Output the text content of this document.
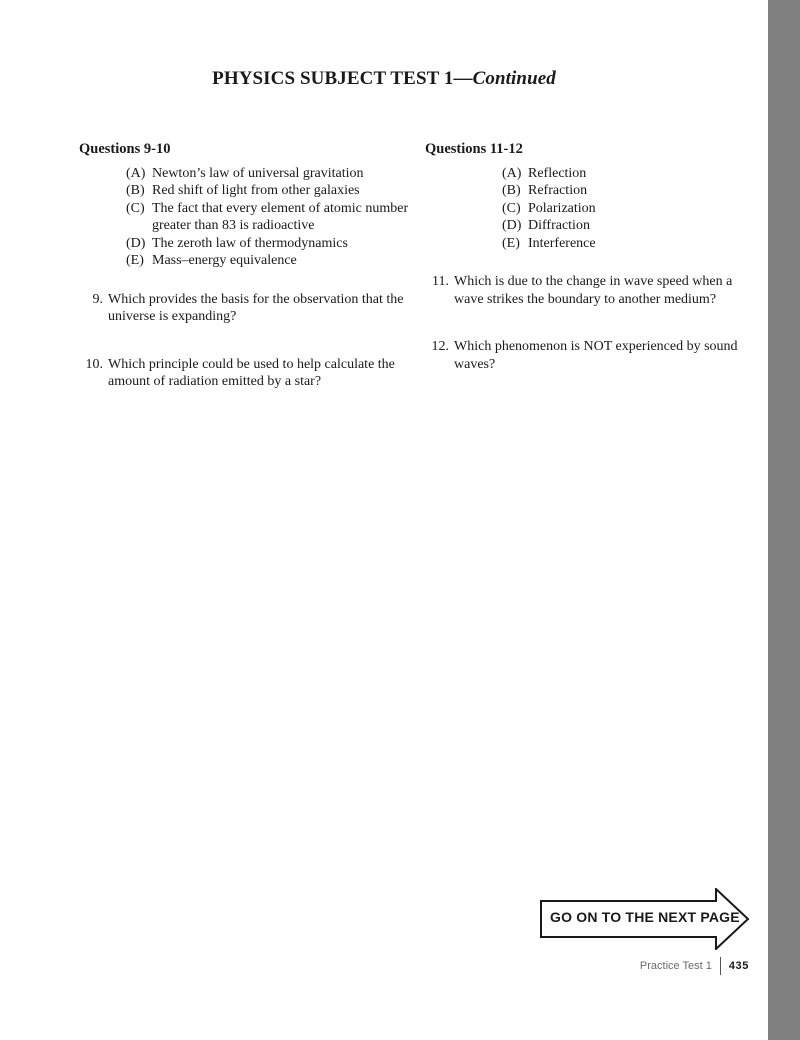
PHYSICS SUBJECT TEST 1—Continued
Questions 9-10
(A) Newton’s law of universal gravitation
(B) Red shift of light from other galaxies
(C) The fact that every element of atomic number greater than 83 is radioactive
(D) The zeroth law of thermodynamics
(E) Mass–energy equivalence
9. Which provides the basis for the observation that the universe is expanding?
10. Which principle could be used to help calculate the amount of radiation emitted by a star?
Questions 11-12
(A) Reflection
(B) Refraction
(C) Polarization
(D) Diffraction
(E) Interference
11. Which is due to the change in wave speed when a wave strikes the boundary to another medium?
12. Which phenomenon is NOT experienced by sound waves?
GO ON TO THE NEXT PAGE
Practice Test 1	435
